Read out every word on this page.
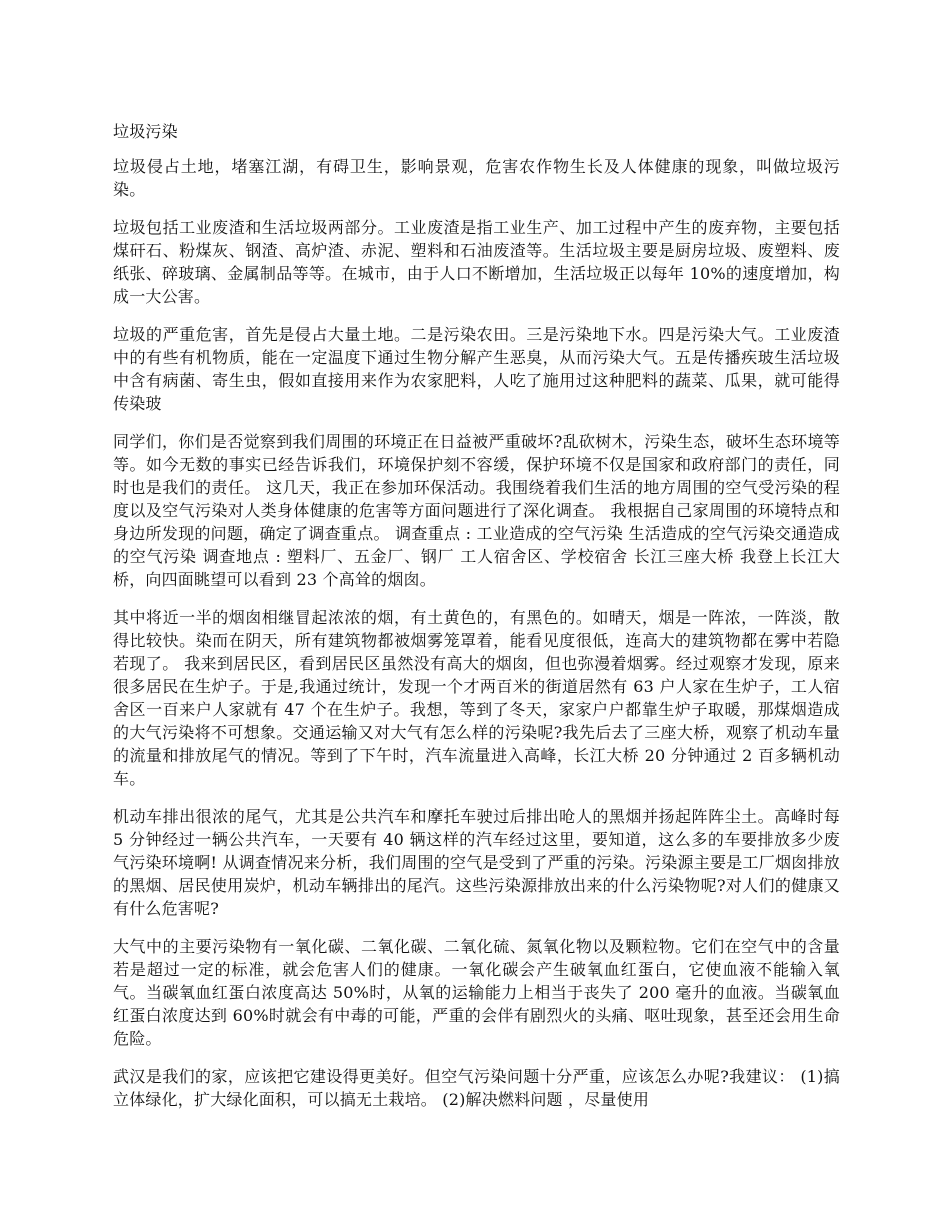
垃圾污染

垃圾侵占土地，堵塞江湖，有碍卫生，影响景观，危害农作物生长及人体健康的现象，叫做垃圾污染。

垃圾包括工业废渣和生活垃圾两部分。工业废渣是指工业生产、加工过程中产生的废弃物，主要包括煤矸石、粉煤灰、钢渣、高炉渣、赤泥、塑料和石油废渣等。生活垃圾主要是厨房垃圾、废塑料、废纸张、碎玻璃、金属制品等等。在城市，由于人口不断增加，生活垃圾正以每年 10%的速度增加，构成一大公害。

垃圾的严重危害，首先是侵占大量土地。二是污染农田。三是污染地下水。四是污染大气。工业废渣中的有些有机物质，能在一定温度下通过生物分解产生恶臭，从而污染大气。五是传播疾玻生活垃圾中含有病菌、寄生虫，假如直接用来作为农家肥料，人吃了施用过这种肥料的蔬菜、瓜果，就可能得传染玻

同学们，你们是否觉察到我们周围的环境正在日益被严重破坏?乱砍树木，污染生态，破坏生态环境等等。如今无数的事实已经告诉我们，环境保护刻不容缓，保护环境不仅是国家和政府部门的责任，同时也是我们的责任。 这几天，我正在参加环保活动。我围绕着我们生活的地方周围的空气受污染的程度以及空气污染对人类身体健康的危害等方面问题进行了深化调查。 我根据自己家周围的环境特点和身边所发现的问题，确定了调查重点。 调查重点 : 工业造成的空气污染 生活造成的空气污染交通造成的空气污染 调查地点 : 塑料厂、五金厂、钢厂 工人宿舍区、学校宿舍 长江三座大桥 我登上长江大桥，向四面眺望可以看到 23 个高耸的烟囱。

其中将近一半的烟囱相继冒起浓浓的烟，有土黄色的，有黑色的。如晴天，烟是一阵浓，一阵淡，散得比较快。染而在阴天，所有建筑物都被烟雾笼罩着，能看见度很低，连高大的建筑物都在雾中若隐若现了。 我来到居民区，看到居民区虽然没有高大的烟囱，但也弥漫着烟雾。经过观察才发现，原来很多居民在生炉子。于是,我通过统计，发现一个才两百米的街道居然有 63 户人家在生炉子，工人宿舍区一百来户人家就有 47 个在生炉子。我想，等到了冬天，家家户户都靠生炉子取暖，那煤烟造成的大气污染将不可想象。交通运输又对大气有怎么样的污染呢?我先后去了三座大桥，观察了机动车量的流量和排放尾气的情况。等到了下午时，汽车流量进入高峰，长江大桥 20 分钟通过 2 百多辆机动车。

机动车排出很浓的尾气，尤其是公共汽车和摩托车驶过后排出呛人的黑烟并扬起阵阵尘土。高峰时每 5 分钟经过一辆公共汽车，一天要有 40 辆这样的汽车经过这里，要知道，这么多的车要排放多少废气污染环境啊! 从调查情况来分析，我们周围的空气是受到了严重的污染。污染源主要是工厂烟囱排放的黑烟、居民使用炭炉，机动车辆排出的尾汽。这些污染源排放出来的什么污染物呢?对人们的健康又有什么危害呢?

大气中的主要污染物有一氧化碳、二氧化碳、二氧化硫、氮氧化物以及颗粒物。它们在空气中的含量若是超过一定的标准，就会危害人们的健康。一氧化碳会产生破氧血红蛋白，它使血液不能输入氧气。当碳氧血红蛋白浓度高达 50%时，从氧的运输能力上相当于丧失了 200 毫升的血液。当碳氧血红蛋白浓度达到 60%时就会有中毒的可能，严重的会伴有剧烈火的头痛、呕吐现象，甚至还会用生命危险。

武汉是我们的家，应该把它建设得更美好。但空气污染问题十分严重，应该怎么办呢?我建议： (1)搞立体绿化，扩大绿化面积，可以搞无土栽培。 (2)解决燃料问题 ，尽量使用
